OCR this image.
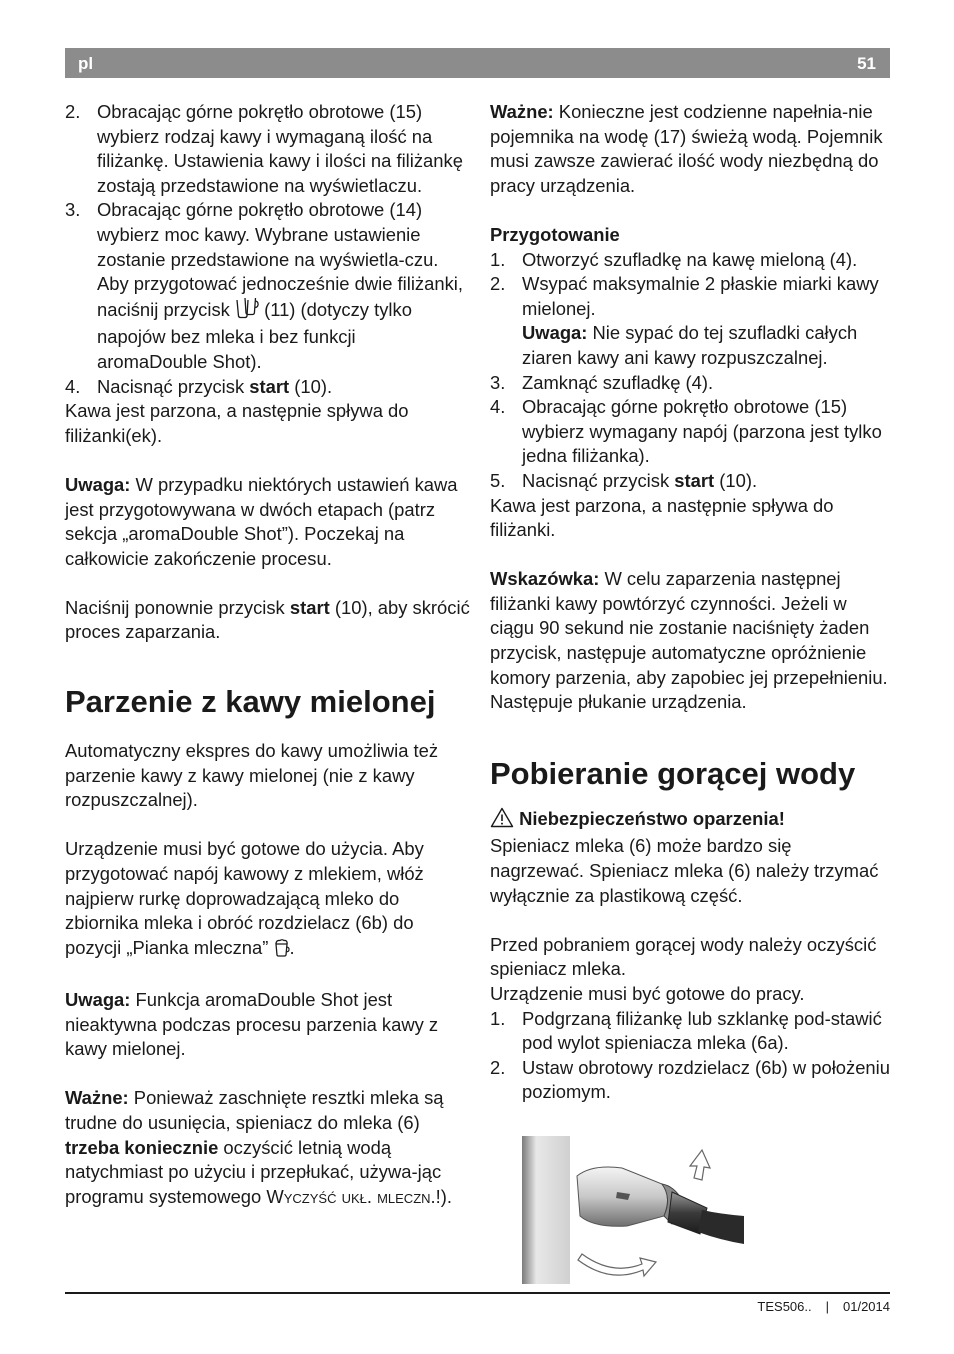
pl	51
2. Obracając górne pokrętło obrotowe (15) wybierz rodzaj kawy i wymaganą ilość na filiżankę. Ustawienia kawy i ilości na filiżankę zostają przedstawione na wyświetlaczu.
3. Obracając górne pokrętło obrotowe (14) wybierz moc kawy. Wybrane ustawienie zostanie przedstawione na wyświetla-czu. Aby przygotować jednocześnie dwie filiżanki, naciśnij przycisk  (11) (dotyczy tylko napojów bez mleka i bez funkcji aromaDouble Shot).
4. Nacisnąć przycisk start (10).

Kawa jest parzona, a następnie spływa do filiżanki(ek).

Uwaga: W przypadku niektórych ustawień kawa jest przygotowywana w dwóch etapach (patrz sekcja „aromaDouble Shot”). Poczekaj na całkowicie zakończenie procesu.

Naciśnij ponownie przycisk start (10), aby skrócić proces zaparzania.

Parzenie z kawy mielonej

Automatyczny ekspres do kawy umożliwia też parzenie kawy z kawy mielonej (nie z kawy rozpuszczalnej).

Urządzenie musi być gotowe do użycia. Aby przygotować napój kawowy z mlekiem, włóż najpierw rurkę doprowadzającą mleko do zbiornika mleka i obróć rozdzielacz (6b) do pozycji „Pianka mleczna” .

Uwaga: Funkcja aromaDouble Shot jest nieaktywna podczas procesu parzenia kawy z kawy mielonej.

Ważne: Ponieważ zaschnięte resztki mleka są trudne do usunięcia, spieniacz do mleka (6) trzeba koniecznie oczyścić letnią wodą natychmiast po użyciu i przepłukać, używa-jąc programu systemowego Wyczyść ukł. mleczn.!).

Ważne: Konieczne jest codzienne napełnia-nie pojemnika na wodę (17) świeżą wodą. Pojemnik musi zawsze zawierać ilość wody niezbędną do pracy urządzenia.

Przygotowanie

1. Otworzyć szufladkę na kawę mieloną (4).
2. Wsypać maksymalnie 2 płaskie miarki kawy mielonej.
Uwaga: Nie sypać do tej szufladki całych ziaren kawy ani kawy rozpuszczalnej.
3. Zamknąć szufladkę (4).
4. Obracając górne pokrętło obrotowe (15) wybierz wymagany napój (parzona jest tylko jedna filiżanka).
5. Nacisnąć przycisk start (10).

Kawa jest parzona, a następnie spływa do filiżanki.

Wskazówka: W celu zaparzenia następnej filiżanki kawy powtórzyć czynności. Jeżeli w ciągu 90 sekund nie zostanie naciśnięty żaden przycisk, następuje automatyczne opróżnienie komory parzenia, aby zapobiec jej przepełnieniu. Następuje płukanie urządzenia.

Pobieranie gorącej wody

Niebezpieczeństwo oparzenia!

Spieniacz mleka (6) może bardzo się nagrzewać. Spieniacz mleka (6) należy trzymać wyłącznie za plastikową część.

Przed pobraniem gorącej wody należy oczyścić spieniacz mleka.

Urządzenie musi być gotowe do pracy.

1. Podgrzaną filiżankę lub szklankę pod-stawić pod wylot spieniacza mleka (6a).
2. Ustaw obrotowy rozdzielacz (6b) w położeniu poziomym.
TES506.. | 01/2014
